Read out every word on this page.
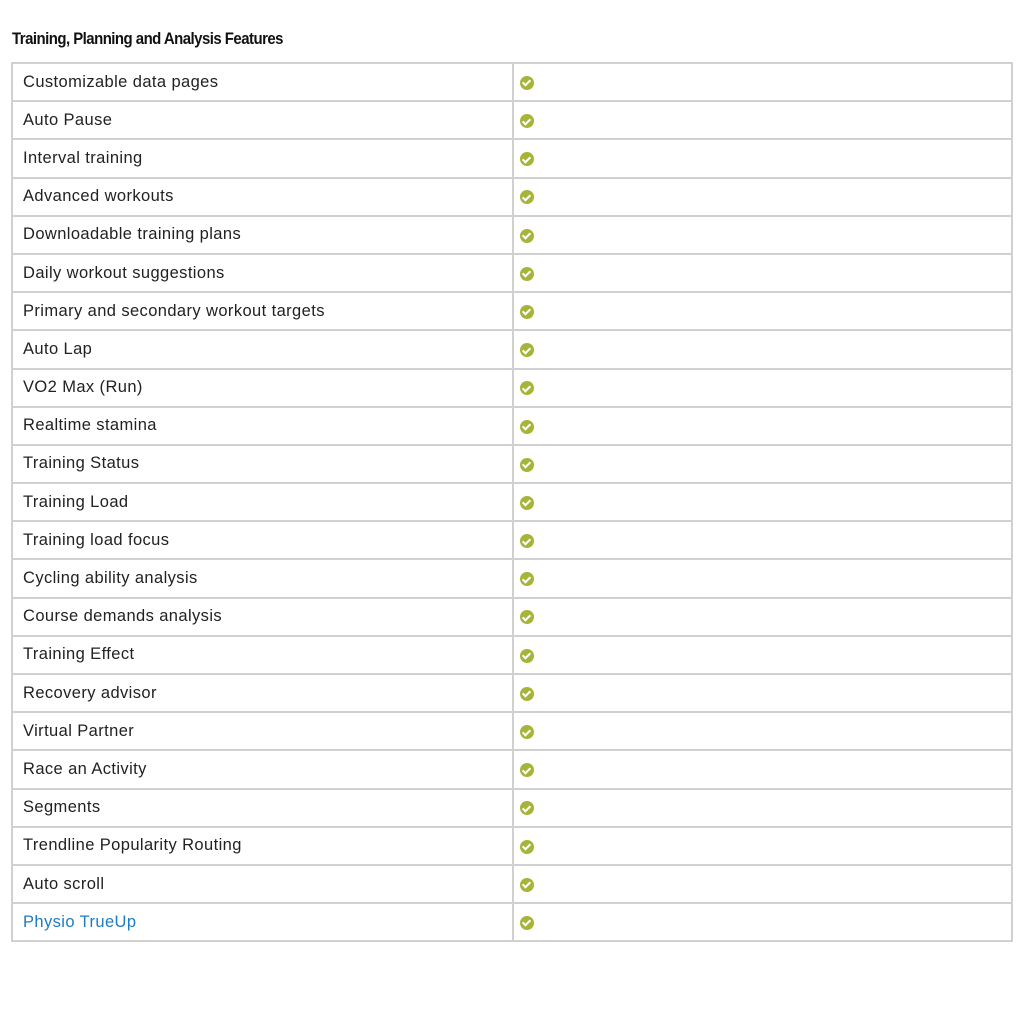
Training, Planning and Analysis Features
Customizable data pages	
Auto Pause	
Interval training	
Advanced workouts	
Downloadable training plans	
Daily workout suggestions	
Primary and secondary workout targets	
Auto Lap	
VO2 Max (Run)	
Realtime stamina	
Training Status	
Training Load	
Training load focus	
Cycling ability analysis	
Course demands analysis	
Training Effect	
Recovery advisor	
Virtual Partner	
Race an Activity	
Segments	
Trendline Popularity Routing	
Auto scroll	
Physio TrueUp	
